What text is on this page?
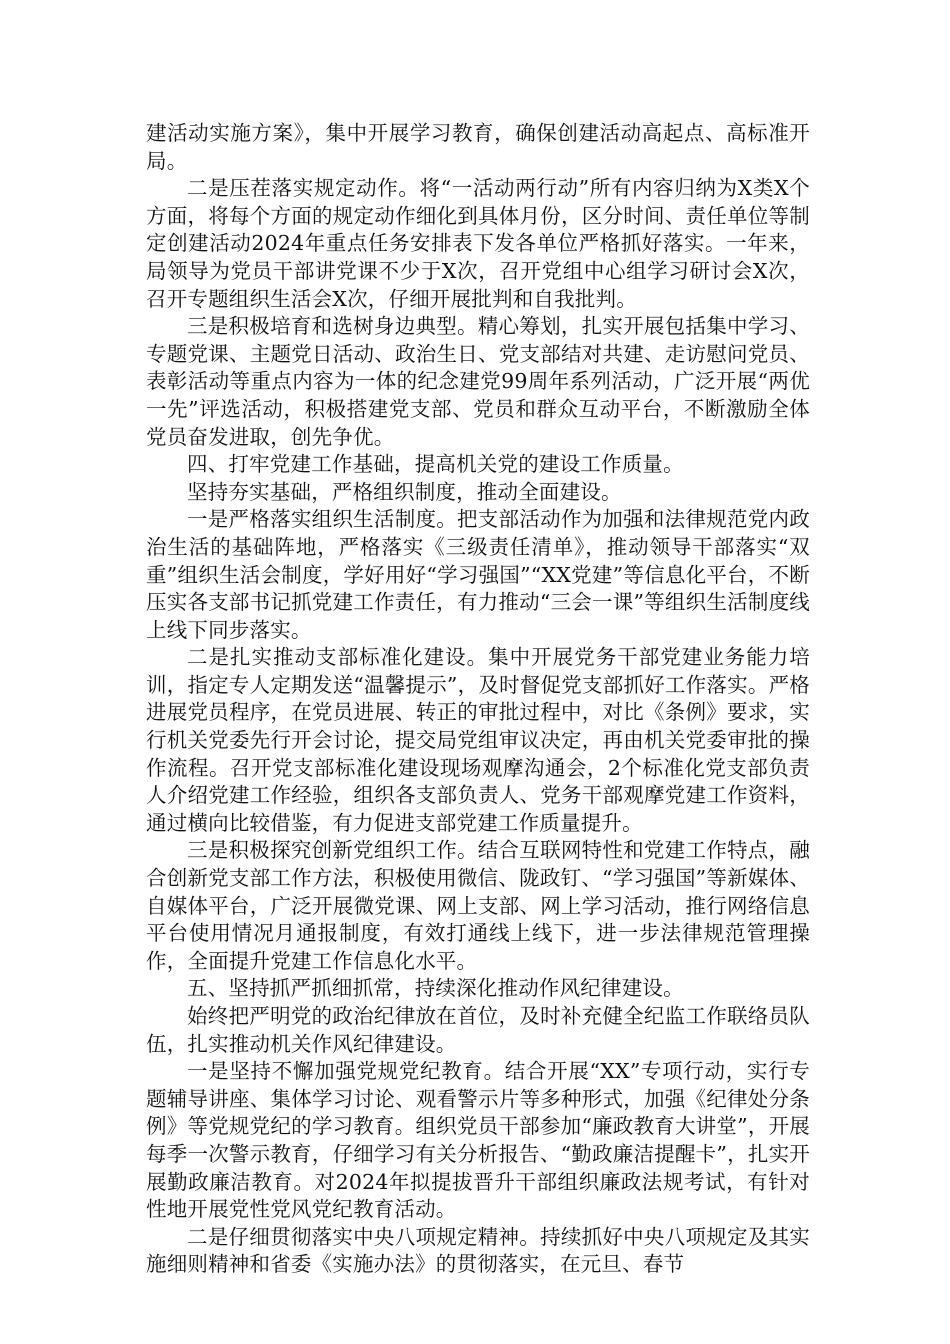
建活动实施方案》，集中开展学习教育，确保创建活动高起点、高标准开局。

二是压茬落实规定动作。将“一活动两行动”所有内容归纳为X类X个方面，将每个方面的规定动作细化到具体月份，区分时间、责任单位等制定创建活动2024年重点任务安排表下发各单位严格抓好落实。一年来，局领导为党员干部讲党课不少于X次，召开党组中心组学习研讨会X次，召开专题组织生活会X次，仔细开展批判和自我批判。

三是积极培育和选树身边典型。精心筹划，扎实开展包括集中学习、专题党课、主题党日活动、政治生日、党支部结对共建、走访慰问党员、表彰活动等重点内容为一体的纪念建党99周年系列活动，广泛开展“两优一先”评选活动，积极搭建党支部、党员和群众互动平台，不断激励全体党员奋发进取，创先争优。

四、打牢党建工作基础，提高机关党的建设工作质量。

坚持夯实基础，严格组织制度，推动全面建设。

一是严格落实组织生活制度。把支部活动作为加强和法律规范党内政治生活的基础阵地，严格落实《三级责任清单》，推动领导干部落实“双重”组织生活会制度，学好用好“学习强国”“XX党建”等信息化平台，不断压实各支部书记抓党建工作责任，有力推动“三会一课”等组织生活制度线上线下同步落实。

二是扎实推动支部标准化建设。集中开展党务干部党建业务能力培训，指定专人定期发送“温馨提示”，及时督促党支部抓好工作落实。严格进展党员程序，在党员进展、转正的审批过程中，对比《条例》要求，实行机关党委先行开会讨论，提交局党组审议决定，再由机关党委审批的操作流程。召开党支部标准化建设现场观摩沟通会，2个标准化党支部负责人介绍党建工作经验，组织各支部负责人、党务干部观摩党建工作资料，通过横向比较借鉴，有力促进支部党建工作质量提升。

三是积极探究创新党组织工作。结合互联网特性和党建工作特点，融合创新党支部工作方法，积极使用微信、陇政钉、“学习强国”等新媒体、自媒体平台，广泛开展微党课、网上支部、网上学习活动，推行网络信息平台使用情况月通报制度，有效打通线上线下，进一步法律规范管理操作，全面提升党建工作信息化水平。

五、坚持抓严抓细抓常，持续深化推动作风纪律建设。

始终把严明党的政治纪律放在首位，及时补充健全纪监工作联络员队伍，扎实推动机关作风纪律建设。

一是坚持不懈加强党规党纪教育。结合开展“XX”专项行动，实行专题辅导讲座、集体学习讨论、观看警示片等多种形式，加强《纪律处分条例》等党规党纪的学习教育。组织党员干部参加“廉政教育大讲堂”，开展每季一次警示教育，仔细学习有关分析报告、“勤政廉洁提醒卡”，扎实开展勤政廉洁教育。对2024年拟提拔晋升干部组织廉政法规考试，有针对性地开展党性党风党纪教育活动。

二是仔细贯彻落实中央八项规定精神。持续抓好中央八项规定及其实施细则精神和省委《实施办法》的贯彻落实，在元旦、春节
